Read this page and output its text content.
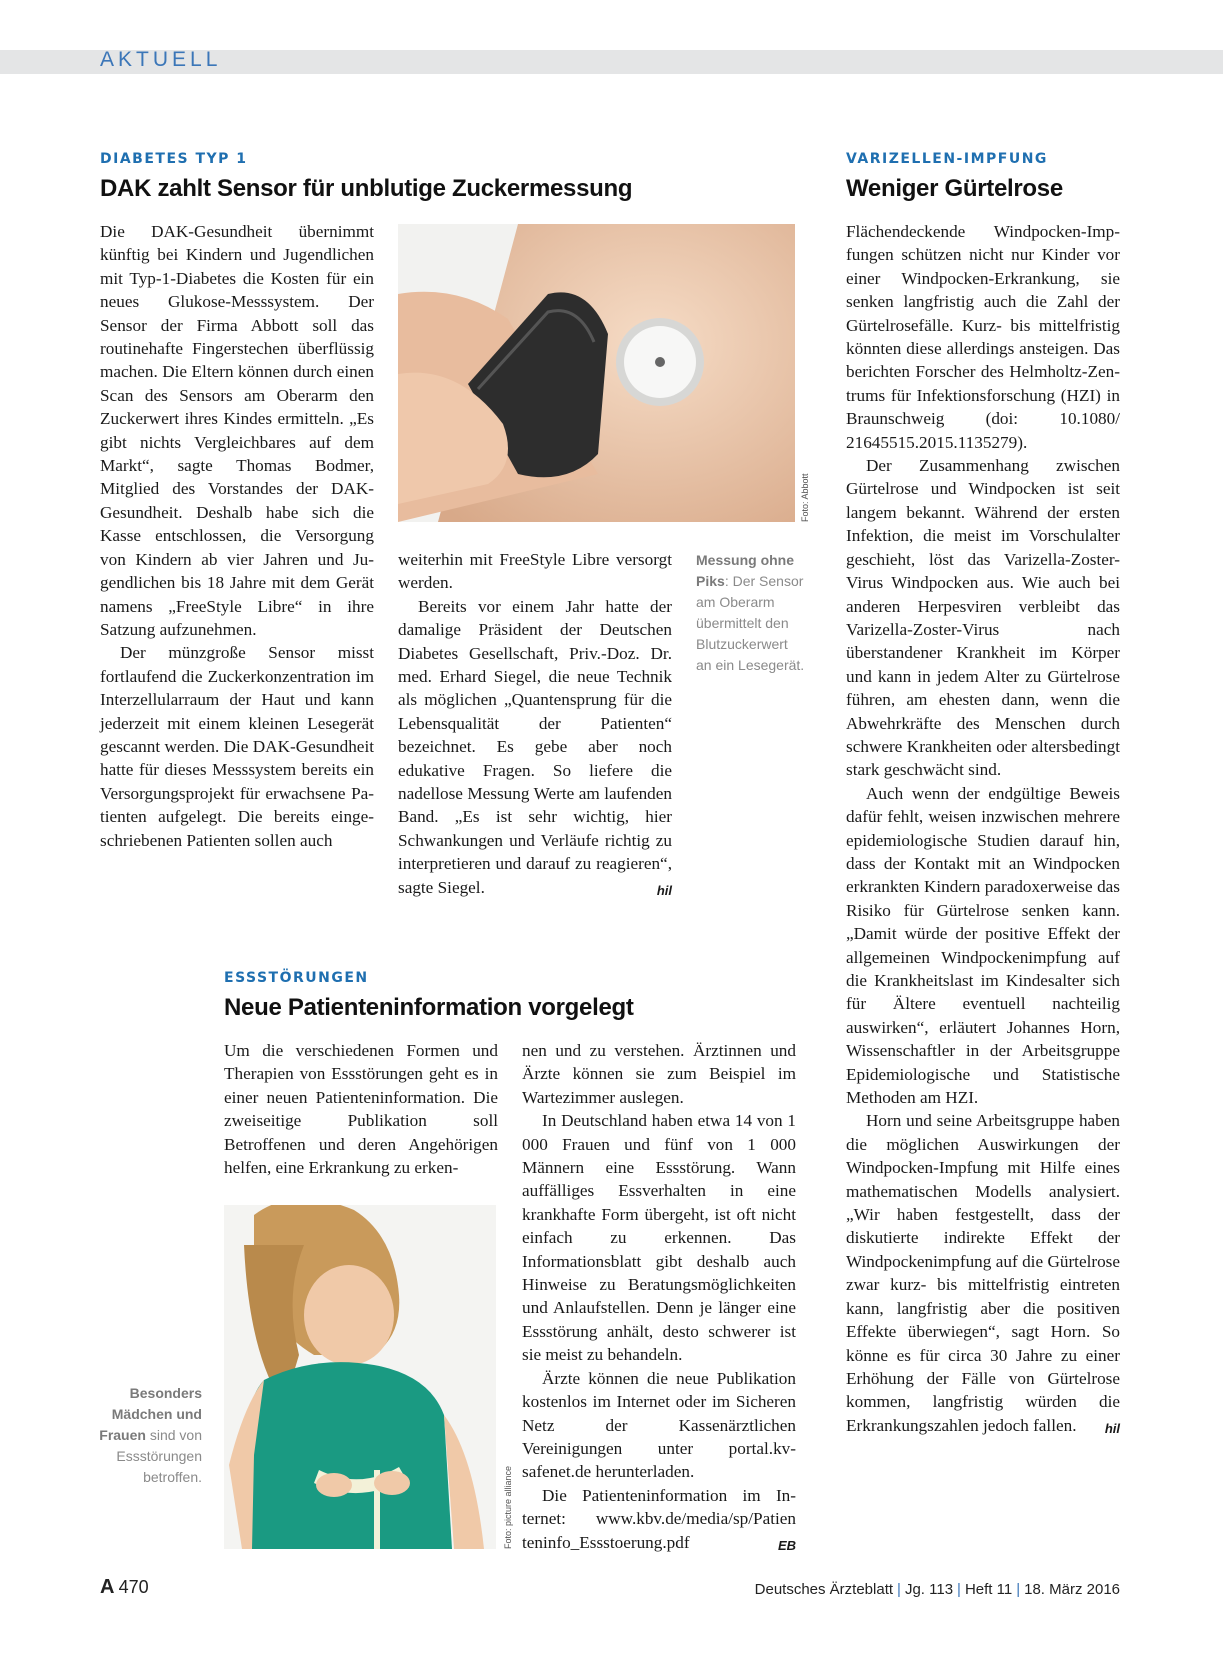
AKTUELL
DIABETES TYP 1
DAK zahlt Sensor für unblutige Zuckermessung

Die DAK-Gesundheit übernimmt künftig bei Kindern und Jugendlichen mit Typ-1-Diabetes die Kosten für ein neues Glukose-Messsystem. Der Sensor der Firma Abbott soll das routinehafte Fingerstechen überflüssig machen. Die Eltern können durch einen Scan des Sensors am Oberarm den Zuckerwert ihres Kindes ermitteln. „Es gibt nichts Vergleichbares auf dem Markt“, sagte Thomas Bodmer, Mitglied des Vorstandes der DAK-Gesundheit. Deshalb habe sich die Kasse entschlossen, die Versorgung von Kindern ab vier Jahren und Jugendlichen bis 18 Jahre mit dem Gerät namens „FreeStyle Libre“ in ihre Satzung aufzunehmen.

Der münzgroße Sensor misst fortlaufend die Zuckerkonzentration im Interzellularraum der Haut und kann jederzeit mit einem kleinen Lesegerät gescannt werden. Die DAK-Gesundheit hatte für dieses Messsystem bereits ein Versorgungsprojekt für erwachsene Patienten aufgelegt. Die bereits eingeschriebenen Patienten sollen auch

Foto: Abbott

weiterhin mit FreeStyle Libre versorgt werden.

Bereits vor einem Jahr hatte der damalige Präsident der Deutschen Diabetes Gesellschaft, Priv.-Doz. Dr. med. Erhard Siegel, die neue Technik als möglichen „Quantensprung für die Lebensqualität der Patienten“ bezeichnet. Es gebe aber noch edukative Fragen. So liefere die nadellose Messung Werte am laufenden Band. „Es ist sehr wichtig, hier Schwankungen und Verläufe richtig zu interpretieren und darauf zu reagieren“, sagte Siegel.	hil

Messung ohne Piks: Der Sensor am Oberarm übermittelt den Blutzuckerwert an ein Lesegerät.
VARIZELLEN-IMPFUNG
Weniger Gürtelrose

Flächendeckende Windpocken-Impfungen schützen nicht nur Kinder vor einer Windpocken-Erkrankung, sie senken langfristig auch die Zahl der Gürtelrosefälle. Kurz- bis mittelfristig könnten diese allerdings ansteigen. Das berichten Forscher des Helmholtz-Zentrums für Infektionsforschung (HZI) in Braunschweig (doi: 10.1080/ 21645515.2015.1135279).

Der Zusammenhang zwischen Gürtelrose und Windpocken ist seit langem bekannt. Während der ersten Infektion, die meist im Vorschulalter geschieht, löst das Varizella-Zoster-Virus Windpocken aus. Wie auch bei anderen Herpesviren verbleibt das Varizella-Zoster-Virus nach überstandener Krankheit im Körper und kann in jedem Alter zu Gürtelrose führen, am ehesten dann, wenn die Abwehrkräfte des Menschen durch schwere Krankheiten oder altersbedingt stark geschwächt sind.

Auch wenn der endgültige Beweis dafür fehlt, weisen inzwischen mehrere epidemiologische Studien darauf hin, dass der Kontakt mit an Windpocken erkrankten Kindern paradoxerweise das Risiko für Gürtelrose senken kann. „Damit würde der positive Effekt der allgemeinen Windpockenimpfung auf die Krankheitslast im Kindesalter sich für Ältere eventuell nachteilig auswirken“, erläutert Johannes Horn, Wissenschaftler in der Arbeitsgruppe Epidemiologische und Statistische Methoden am HZI.

Horn und seine Arbeitsgruppe haben die möglichen Auswirkungen der Windpocken-Impfung mit Hilfe eines mathematischen Modells analysiert. „Wir haben festgestellt, dass der diskutierte indirekte Effekt der Windpockenimpfung auf die Gürtelrose zwar kurz- bis mittelfristig eintreten kann, langfristig aber die positiven Effekte überwiegen“, sagt Horn. So könne es für circa 30 Jahre zu einer Erhöhung der Fälle von Gürtelrose kommen, langfristig würden die Erkrankungszahlen jedoch fallen.	hil

ESSSTÖRUNGEN
Neue Patienteninformation vorgelegt

Um die verschiedenen Formen und Therapien von Essstörungen geht es in einer neuen Patienteninformation. Die zweiseitige Publikation soll Betroffenen und deren Angehörigen helfen, eine Erkrankung zu erken-

Foto: picture alliance
Besonders Mädchen und Frauen sind von Essstörungen betroffen.

nen und zu verstehen. Ärztinnen und Ärzte können sie zum Beispiel im Wartezimmer auslegen.

In Deutschland haben etwa 14 von 1 000 Frauen und fünf von 1 000 Männern eine Essstörung. Wann auffälliges Essverhalten in eine krankhafte Form übergeht, ist oft nicht einfach zu erkennen. Das Informationsblatt gibt deshalb auch Hinweise zu Beratungsmöglichkeiten und Anlaufstellen. Denn je länger eine Essstörung anhält, desto schwerer ist sie meist zu behandeln.

Ärzte können die neue Publikation kostenlos im Internet oder im Sicheren Netz der Kassenärztlichen Vereinigungen unter portal.kvsafenet.de herunterladen.

Die Patienteninformation im Internet: www.kbv.de/media/sp/Patien teninfo_Essstoerung.pdf	EB

A 470	Deutsches Ärzteblatt | Jg. 113 | Heft 11 | 18. März 2016
